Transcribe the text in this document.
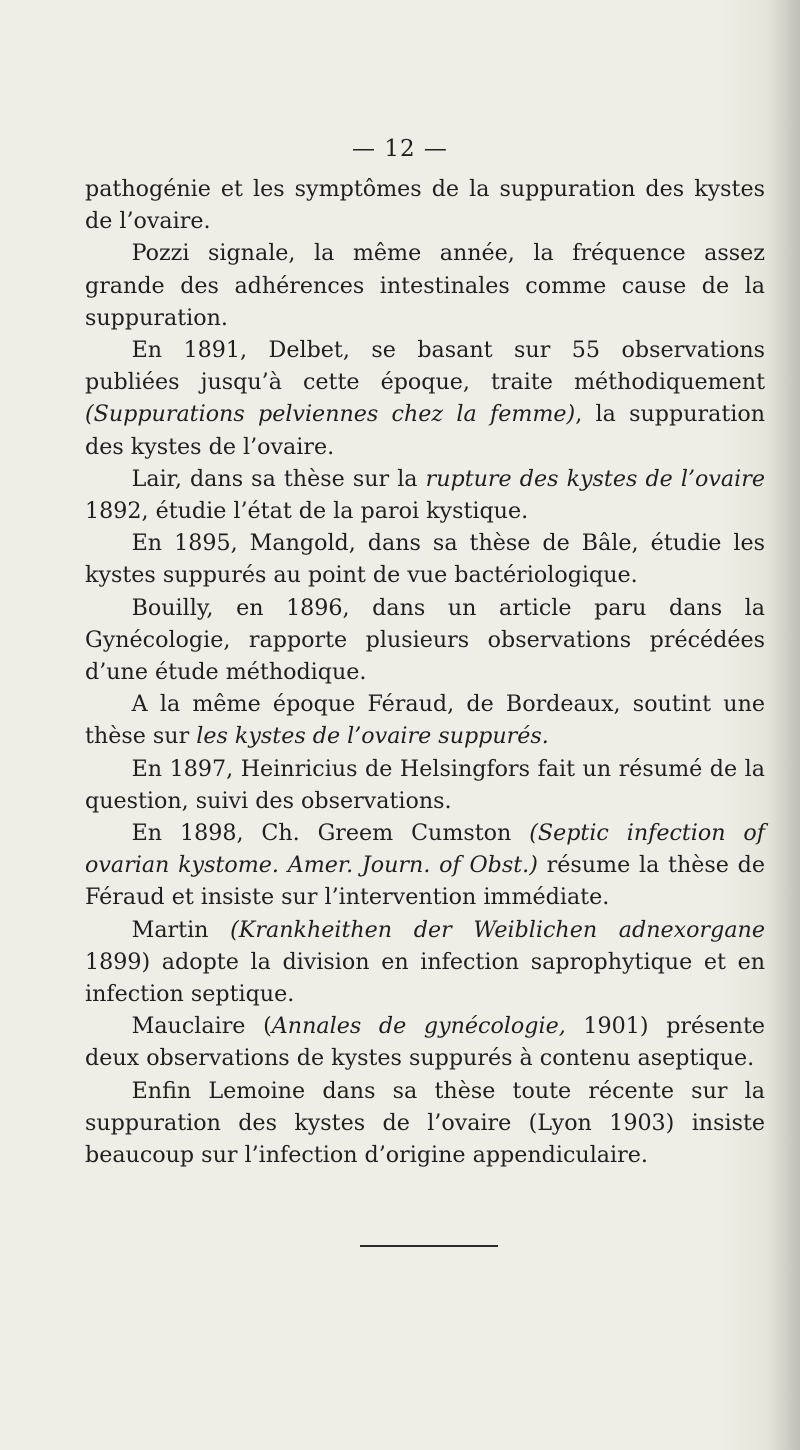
— 12 —

pathogénie et les symptômes de la suppuration des kystes de l’ovaire.

Pozzi signale, la même année, la fréquence assez grande des adhérences intestinales comme cause de la suppuration.

En 1891, Delbet, se basant sur 55 observations publiées jusqu’à cette époque, traite méthodiquement (Suppurations pelviennes chez la femme), la suppuration des kystes de l’ovaire.

Lair, dans sa thèse sur la rupture des kystes de l’ovaire 1892, étudie l’état de la paroi kystique.

En 1895, Mangold, dans sa thèse de Bâle, étudie les kystes suppurés au point de vue bactériologique.

Bouilly, en 1896, dans un article paru dans la Gynécologie, rapporte plusieurs observations précédées d’une étude méthodique.

A la même époque Féraud, de Bordeaux, soutint une thèse sur les kystes de l’ovaire suppurés.

En 1897, Heinricius de Helsingfors fait un résumé de la question, suivi des observations.

En 1898, Ch. Greem Cumston (Septic infection of ovarian kystome. Amer. Journ. of Obst.) résume la thèse de Féraud et insiste sur l’intervention immédiate.

Martin (Krankheithen der Weiblichen adnexorgane 1899) adopte la division en infection saprophytique et en infection septique.

Mauclaire (Annales de gynécologie, 1901) présente deux observations de kystes suppurés à contenu aseptique.

Enfin Lemoine dans sa thèse toute récente sur la suppuration des kystes de l’ovaire (Lyon 1903) insiste beaucoup sur l’infection d’origine appendiculaire.
